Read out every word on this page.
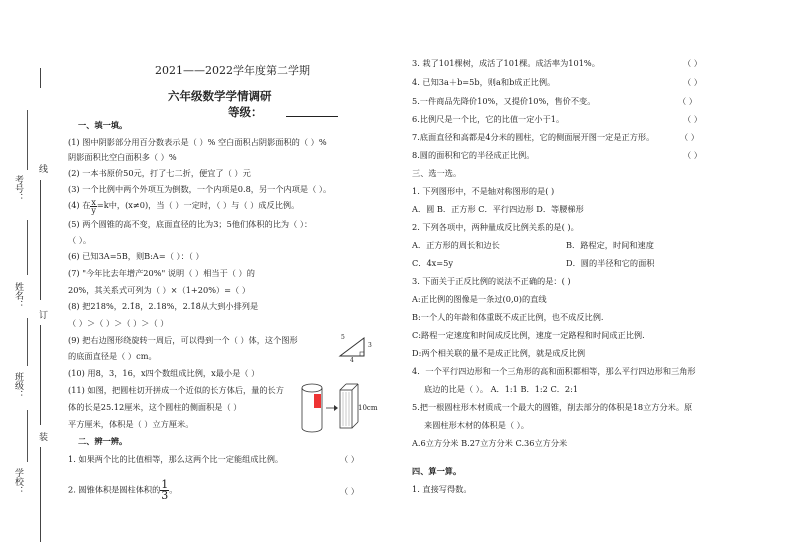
线
订
装
考号：
姓名：
班级：
学校：
2021——2022学年度第二学期
六年级数学学情调研
等级：
一、填一填。
(1) 图中阴影部分用百分数表示是（ ）% 空白面积占阴影面积的（ ）%
阴影面积比空白面积多（ ）%
(2) 一本书原价50元，打了七二折，便宜了（ ）元
(3) 一个比例中两个外项互为倒数，一个内项是0.8，另一个内项是（ ）。
(4) 在 $\frac{x}{y} =k$中，(x≠0)，当（ ）一定时，（ ）与（ ）成反比例。
(5) 两个圆锥的高不变，底面直径的比为3；5他们体积的比为（ ）：
（ ）。
(6) 已知3A=5B，则B:A=（ ）：（ ）
(7) "今年比去年增产20%" 说明（ ）相当于（ ）的
20%，其关系式可列为（ ）×（1+20%）=（ ）
(8) 把218%，2.1̇8，2.18%，2.1̇8̇从大到小排列是
（ ）＞（ ）＞（ ）＞（ ）
(9) 把右边图形绕旋转一周后，可以得到一个（ ）体，这个图形
的底面直径是（ ）cm。
5
3
4
(10) 用8，3，16，x四个数组成比例，x最小是（ ）
(11) 如图，把圆柱切开拼成一个近似的长方体后，量的长方
体的长是25.12厘米，这个圆柱的侧面积是（ ）
平方厘米，体积是（ ）立方厘米。
10cm
二、辨一辨。
1. 如果两个比的比值相等，那么这两个比一定能组成比例。	（ ）
2. 圆锥体积是圆柱体积的 $\frac{1}{3}$ 。	（ ）
3. 栽了101棵树，成活了101棵。成活率为101%。	（ ）
4. 已知3a＋b=5b，则a和b成正比例。	（ ）
5.一件商品先降价10%，又提价10%，售价不变。	（ ）
6.比例尺是一个比，它的比值一定小于1。	（ ）
7.底面直径和高都是4分米的圆柱，它的侧面展开图一定是正方形。	（ ）
8.圆的面积和它的半径成正比例。	（ ）
三、选一选。
1. 下列图形中，不是轴对称图形的是( )
A．圆 B．正方形 C．平行四边形 D．等腰梯形
2. 下列各项中，两种量成反比例关系的是( )。
A．正方形的周长和边长	B．路程定，时间和速度
C．4x=5y	D．圆的半径和它的面积
3. 下面关于正反比例的说法不正确的是：( )
A:正比例的图像是一条过(0,0)的直线
B:一个人的年龄和体重既不成正比例，也不成反比例.
C:路程一定速度和时间成反比例，速度一定路程和时间成正比例.
D:两个相关联的量不是成正比例，就是成反比例
4．一个平行四边形和一个三角形的高和面积都相等，那么平行四边形和三角形
底边的比是（ ）。 A．1:1 B．1:2 C．2:1
5.把一根圆柱形木材质成一个最大的圆锥，削去部分的体积是18立方分米。原
来圆柱形木材的体积是（ ）。
A.6立方分米 B.27立方分米 C.36立方分米
四、算一算。
1. 直接写得数。
